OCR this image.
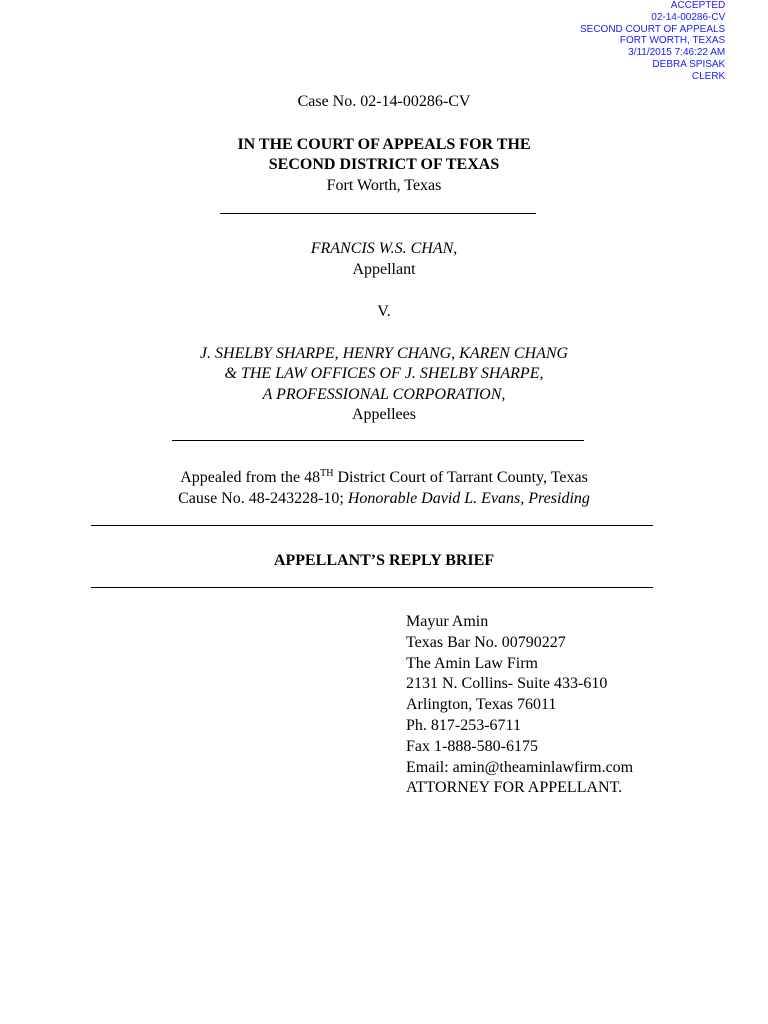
ACCEPTED
02-14-00286-CV
SECOND COURT OF APPEALS
FORT WORTH, TEXAS
3/11/2015 7:46:22 AM
DEBRA SPISAK
CLERK
Case No. 02-14-00286-CV
IN THE COURT OF APPEALS FOR THE
SECOND DISTRICT OF TEXAS
Fort Worth, Texas
FRANCIS W.S. CHAN,
Appellant
V.
J. SHELBY SHARPE, HENRY CHANG, KAREN CHANG
& THE LAW OFFICES OF J. SHELBY SHARPE,
A PROFESSIONAL CORPORATION,
Appellees
Appealed from the 48TH District Court of Tarrant County, Texas
Cause No. 48-243228-10; Honorable David L. Evans, Presiding
APPELLANT’S REPLY BRIEF
Mayur Amin
Texas Bar No. 00790227
The Amin Law Firm
2131 N. Collins- Suite 433-610
Arlington, Texas 76011
Ph. 817-253-6711
Fax 1-888-580-6175
Email: amin@theaminlawfirm.com
ATTORNEY FOR APPELLANT.
